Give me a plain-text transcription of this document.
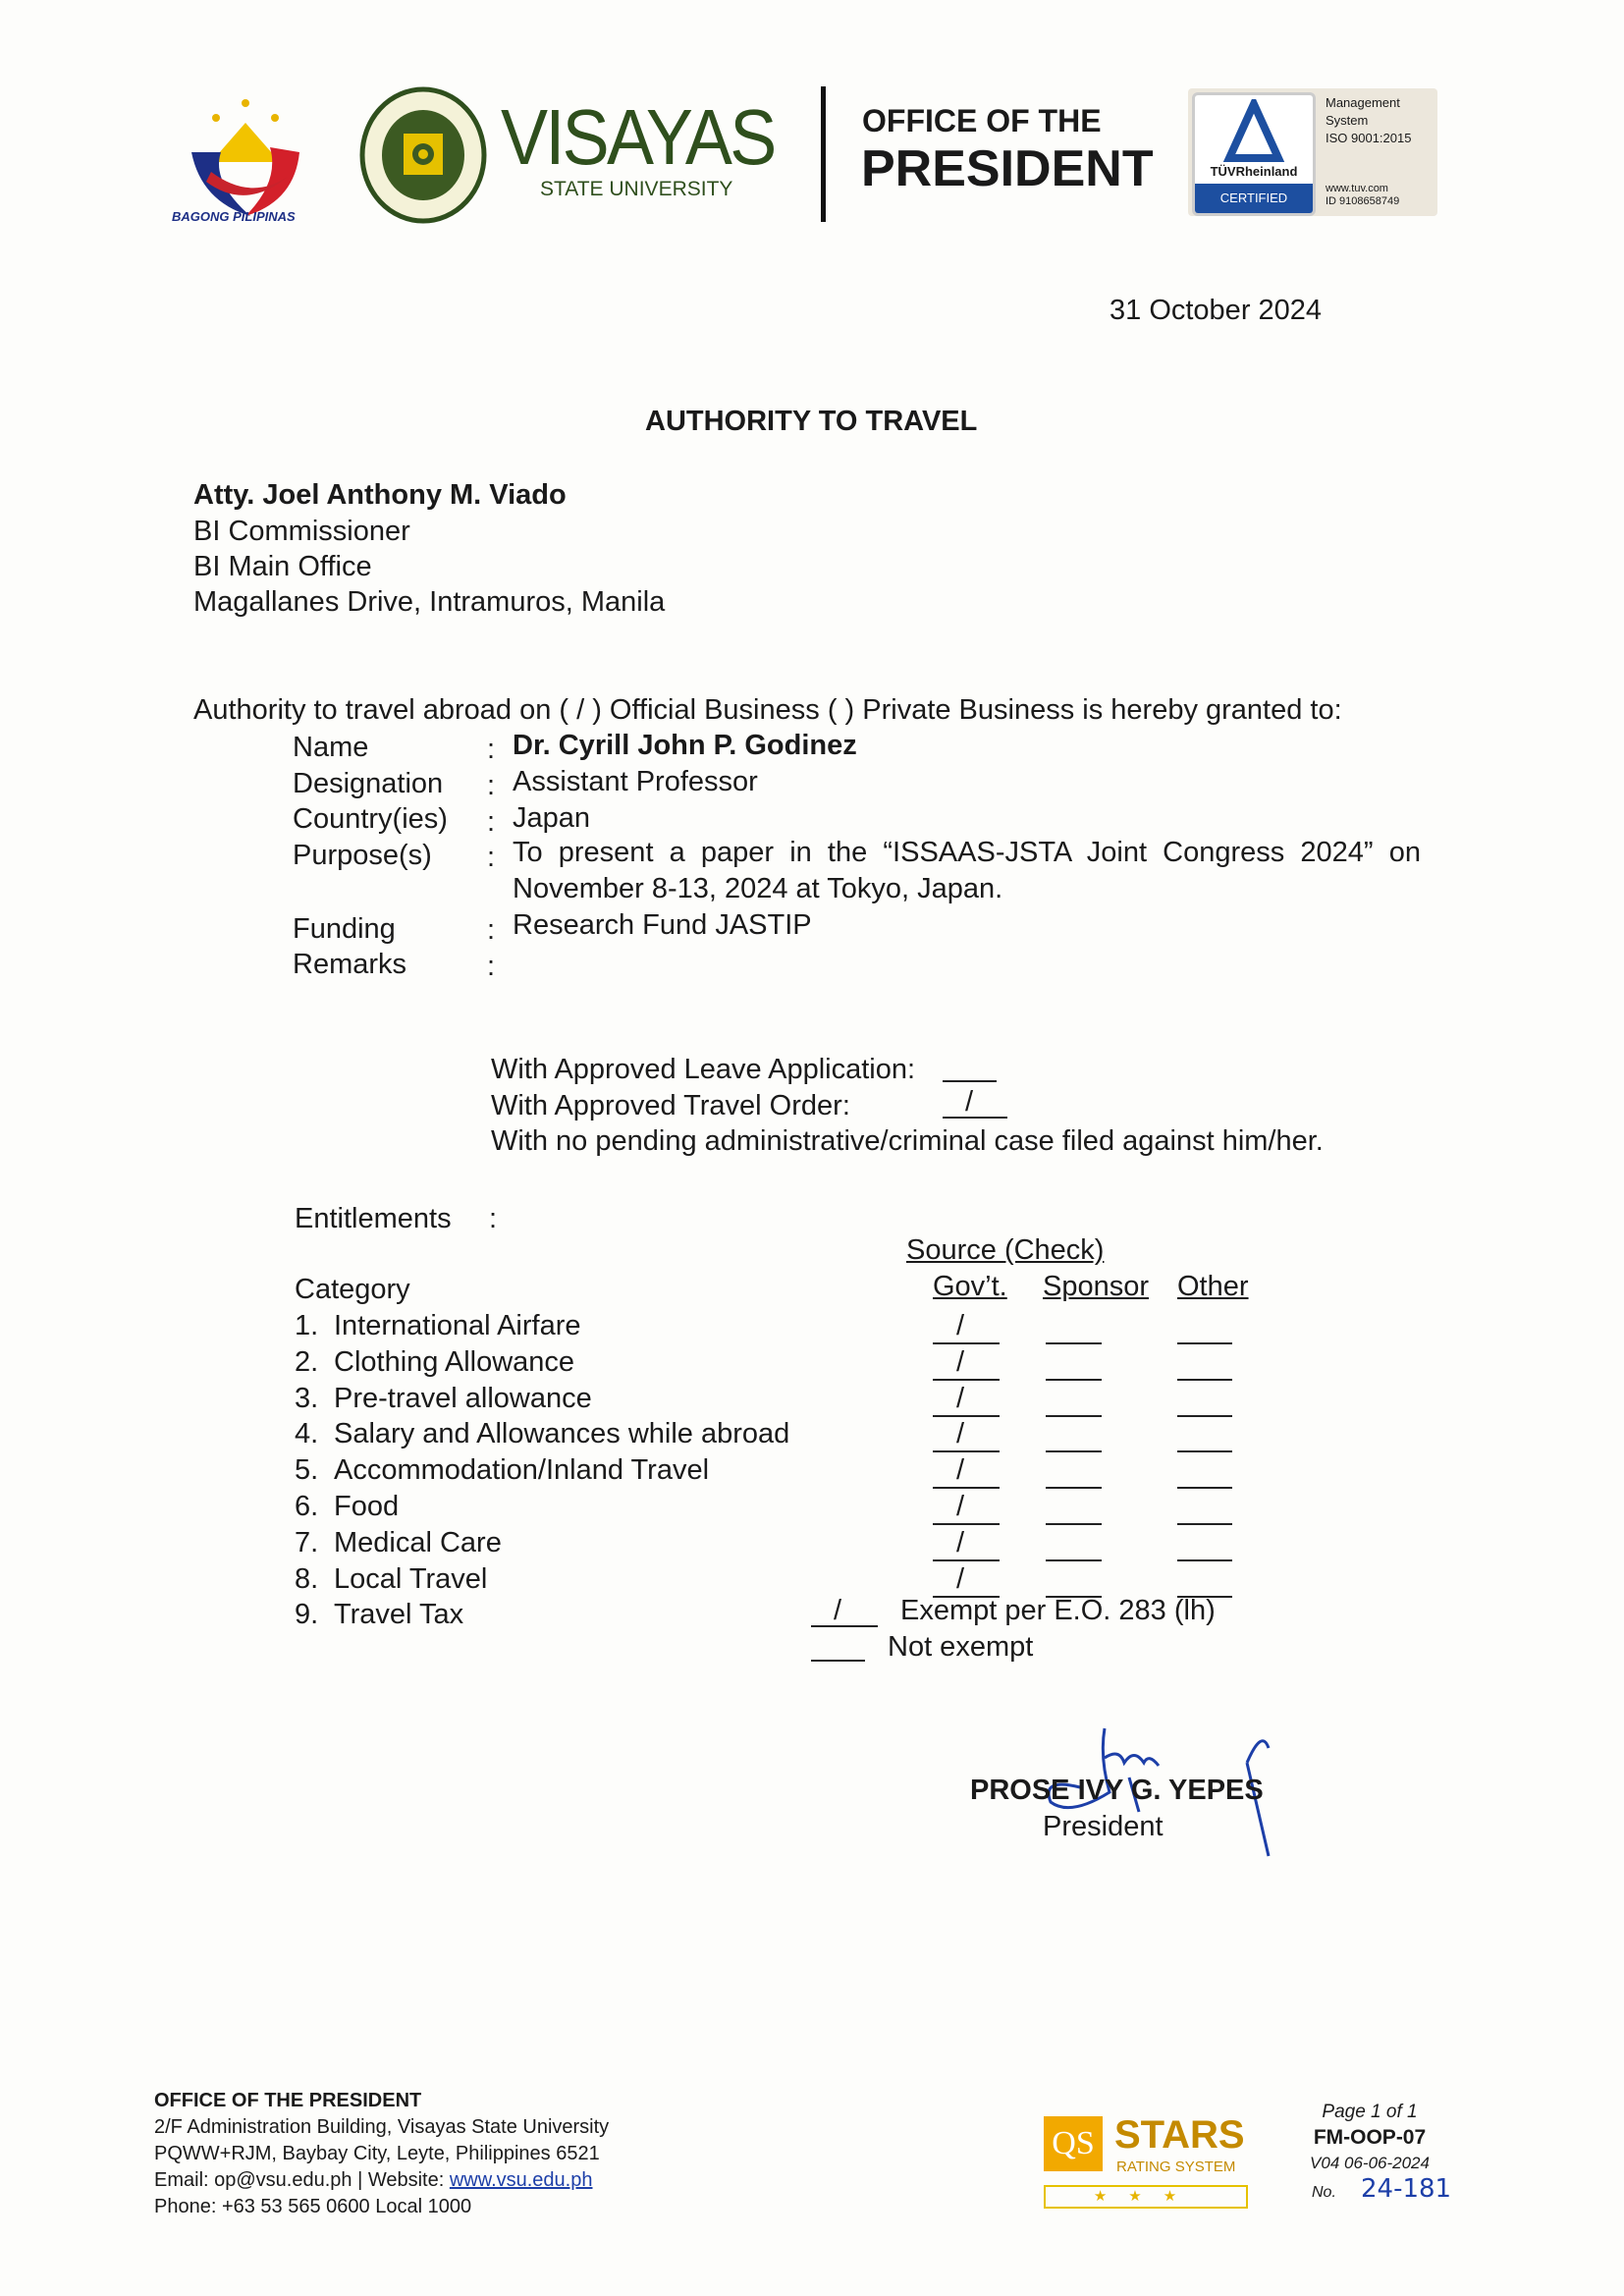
BAGONG PILIPINAS
VISAYAS
STATE UNIVERSITY
OFFICE OF THE
PRESIDENT	TÜVRheinland
CERTIFIED
Management
System
ISO 9001:2015
www.tuv.com
ID 9108658749
31 October 2024
AUTHORITY TO TRAVEL
Atty. Joel Anthony M. Viado
BI Commissioner
BI Main Office
Magallanes Drive, Intramuros, Manila
Authority to travel abroad on ( / ) Official Business ( ) Private Business is hereby granted to:
Name	Dr. Cyrill John P. Godinez
Designation Assistant Professor
Country(ies) Japan
Purpose(s)	To present a paper in the “ISSAAS-JSTA Joint Congress 2024” on
November 8-13, 2024 at Tokyo, Japan.
Funding	Research Fund JASTIP
Remarks
:
:
:
:

:
:
With Approved Leave Application:
With Approved Travel Order:	/
With no pending administrative/criminal case filed against him/her.
Entitlements :
Source (Check)
Gov’t. Sponsor Other
Category
1. International Airfare	/
2. Clothing Allowance	/
3. Pre-travel allowance	/
4. Salary and Allowances while abroad	/
5. Accommodation/Inland Travel	/
6. Food	/
7. Medical Care	/
8. Local Travel	/
9. Travel Tax	/ Exempt per E.O. 283 (lh)
Not exempt
PROSE IVY G. YEPES
President
OFFICE OF THE PRESIDENT
2/F Administration Building, Visayas State University
PQWW+RJM, Baybay City, Leyte, Philippines 6521
Email: op@vsu.edu.ph | Website: www.vsu.edu.ph
Phone: +63 53 565 0600 Local 1000
QS STARS
RATING SYSTEM
★★★
Page 1 of 1
FM-OOP-07
V04 06-06-2024
No. 24-181
